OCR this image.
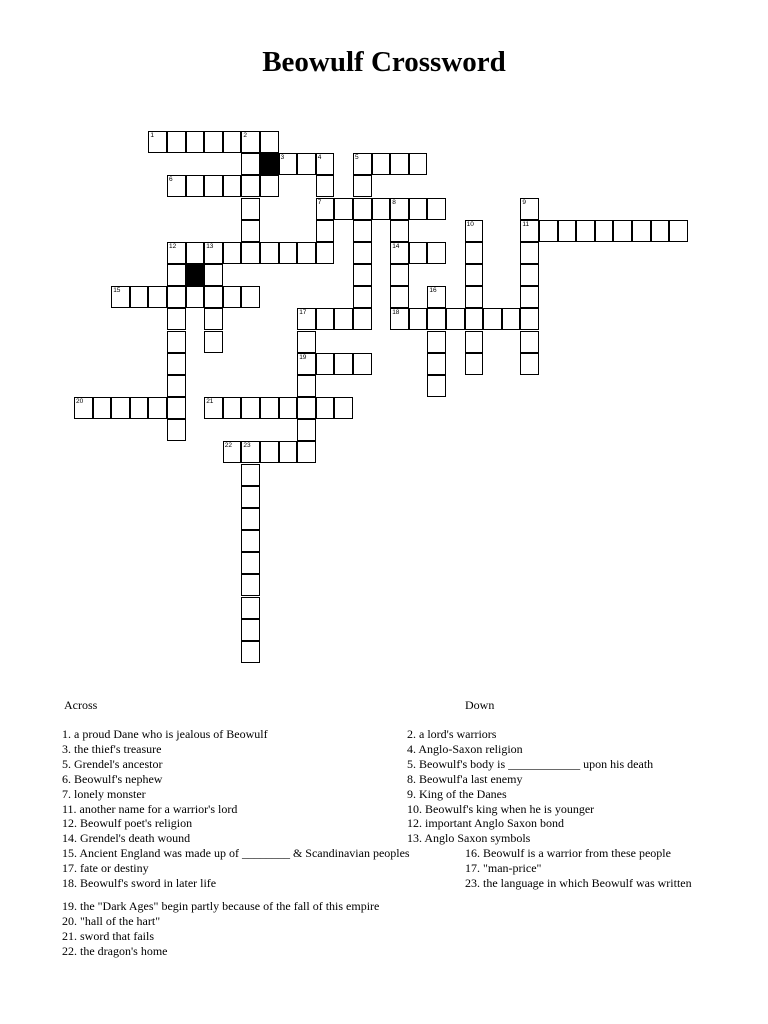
Beowulf Crossword
1	2
3	4
7
5
6
8
14
9
11
10
12	13
15	16
17
19
18
20	21
22 23
Across
1. a proud Dane who is jealous of Beowulf
3. the thief's treasure
5. Grendel's ancestor
6. Beowulf's nephew
7. lonely monster
11. another name for a warrior's lord
12. Beowulf poet's religion
14. Grendel's death wound
15. Ancient England was made up of ________ & Scandinavian peoples
17. fate or destiny
18. Beowulf's sword in later life
19. the "Dark Ages" begin partly because of the fall of this empire
20. "hall of the hart"
21. sword that fails
22. the dragon's home
Down
2. a lord's warriors
4. Anglo-Saxon religion
5. Beowulf's body is ____________ upon his death
8. Beowulf'a last enemy
9. King of the Danes
10. Beowulf's king when he is younger
12. important Anglo Saxon bond
13. Anglo Saxon symbols
16. Beowulf is a warrior from these people
17. "man-price"
23. the language in which Beowulf was written
